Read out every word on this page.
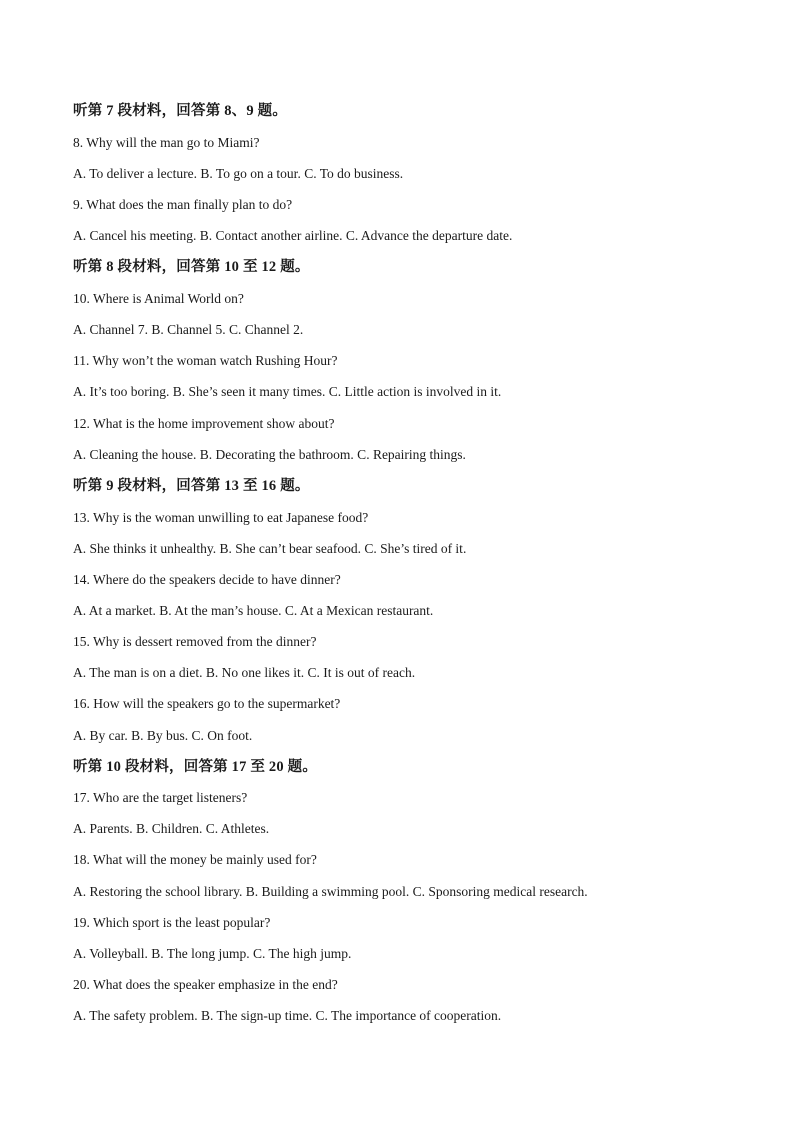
听第 7 段材料，回答第 8、9 题。
8. Why will the man go to Miami?
A. To deliver a lecture. B. To go on a tour. C. To do business.
9. What does the man finally plan to do?
A. Cancel his meeting. B. Contact another airline. C. Advance the departure date.
听第 8 段材料，回答第 10 至 12 题。
10. Where is Animal World on?
A. Channel 7. B. Channel 5. C. Channel 2.
11. Why won’t the woman watch Rushing Hour?
A. It’s too boring. B. She’s seen it many times. C. Little action is involved in it.
12. What is the home improvement show about?
A. Cleaning the house. B. Decorating the bathroom. C. Repairing things.
听第 9 段材料，回答第 13 至 16 题。
13. Why is the woman unwilling to eat Japanese food?
A. She thinks it unhealthy. B. She can’t bear seafood. C. She’s tired of it.
14. Where do the speakers decide to have dinner?
A. At a market. B. At the man’s house. C. At a Mexican restaurant.
15. Why is dessert removed from the dinner?
A. The man is on a diet. B. No one likes it. C. It is out of reach.
16. How will the speakers go to the supermarket?
A. By car. B. By bus. C. On foot.
听第 10 段材料，回答第 17 至 20 题。
17. Who are the target listeners?
A. Parents. B. Children. C. Athletes.
18. What will the money be mainly used for?
A. Restoring the school library. B. Building a swimming pool. C. Sponsoring medical research.
19. Which sport is the least popular?
A. Volleyball. B. The long jump. C. The high jump.
20. What does the speaker emphasize in the end?
A. The safety problem. B. The sign-up time. C. The importance of cooperation.
